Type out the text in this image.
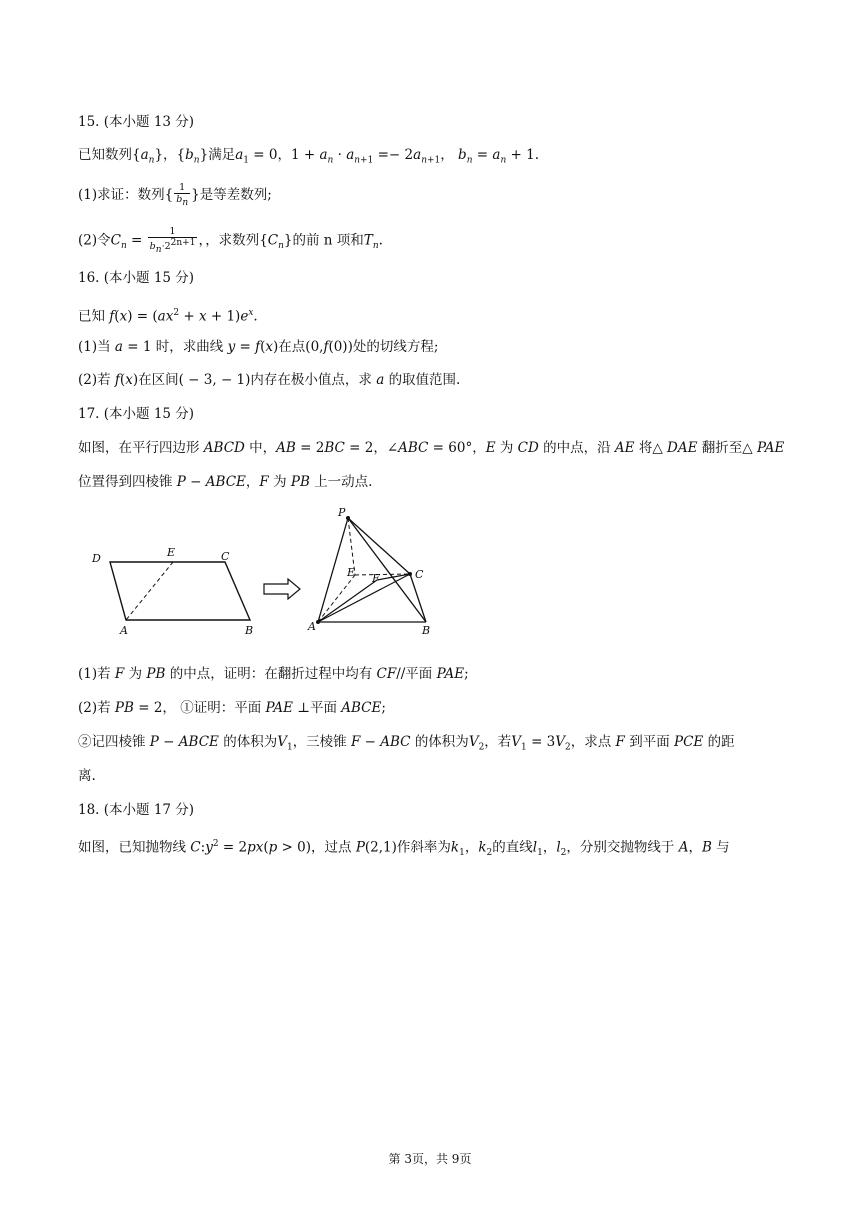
15. (本小题 13 分)
已知数列$\{a_n\}$，$\{b_n\}$满足$a_1 = 0$，$1 + a_n \cdot a_{n+1} =- 2a_{n+1}$， $b_n = a_n + 1$.
(1)求证：数列{ $\frac{1}{b_n}$ }是等差数列;
(2)令$C_n = \frac{1}{b_n\cdot 2^{2n+1}}$ ，，求数列$\{C_n\}$的前 n 项和$T_n$.
16. (本小题 15 分)
已知 $f(x) = (ax^2 + x + 1)e^x$.
(1)当 a = 1 时，求曲线 y = f(x)在点(0,f(0))处的切线方程;
(2)若 f(x)在区间( − 3, − 1)内存在极小值点，求 a 的取值范围.
17. (本小题 15 分)
如图，在平行四边形 ABCD 中，AB = 2BC = 2，∠ABC = 60°，E 为 CD 的中点，沿 AE 将△ DAE 翻折至△ PAE
位置得到四棱锥 P − ABCE，F 为 PB 上一动点.
D	E	C
A	B
P
E F	C
A	B
(1)若 F 为 PB 的中点，证明：在翻折过程中均有 CF//平面 PAE;
(2)若 PB = 2， ①证明：平面 PAE ⊥平面 ABCE;
②记四棱锥 P − ABCE 的体积为$V_1$，三棱锥 F − ABC 的体积为$V_2$，若$V_1 = 3V_2$，求点 F 到平面 PCE 的距
离.
18. (本小题 17 分)
如图，已知抛物线 $C:y^2 = 2px(p > 0)$，过点 P(2,1)作斜率为$k_1$，$k_2$的直线$l_1$，$l_2$，分别交抛物线于 A，B 与
第 3页，共 9页
